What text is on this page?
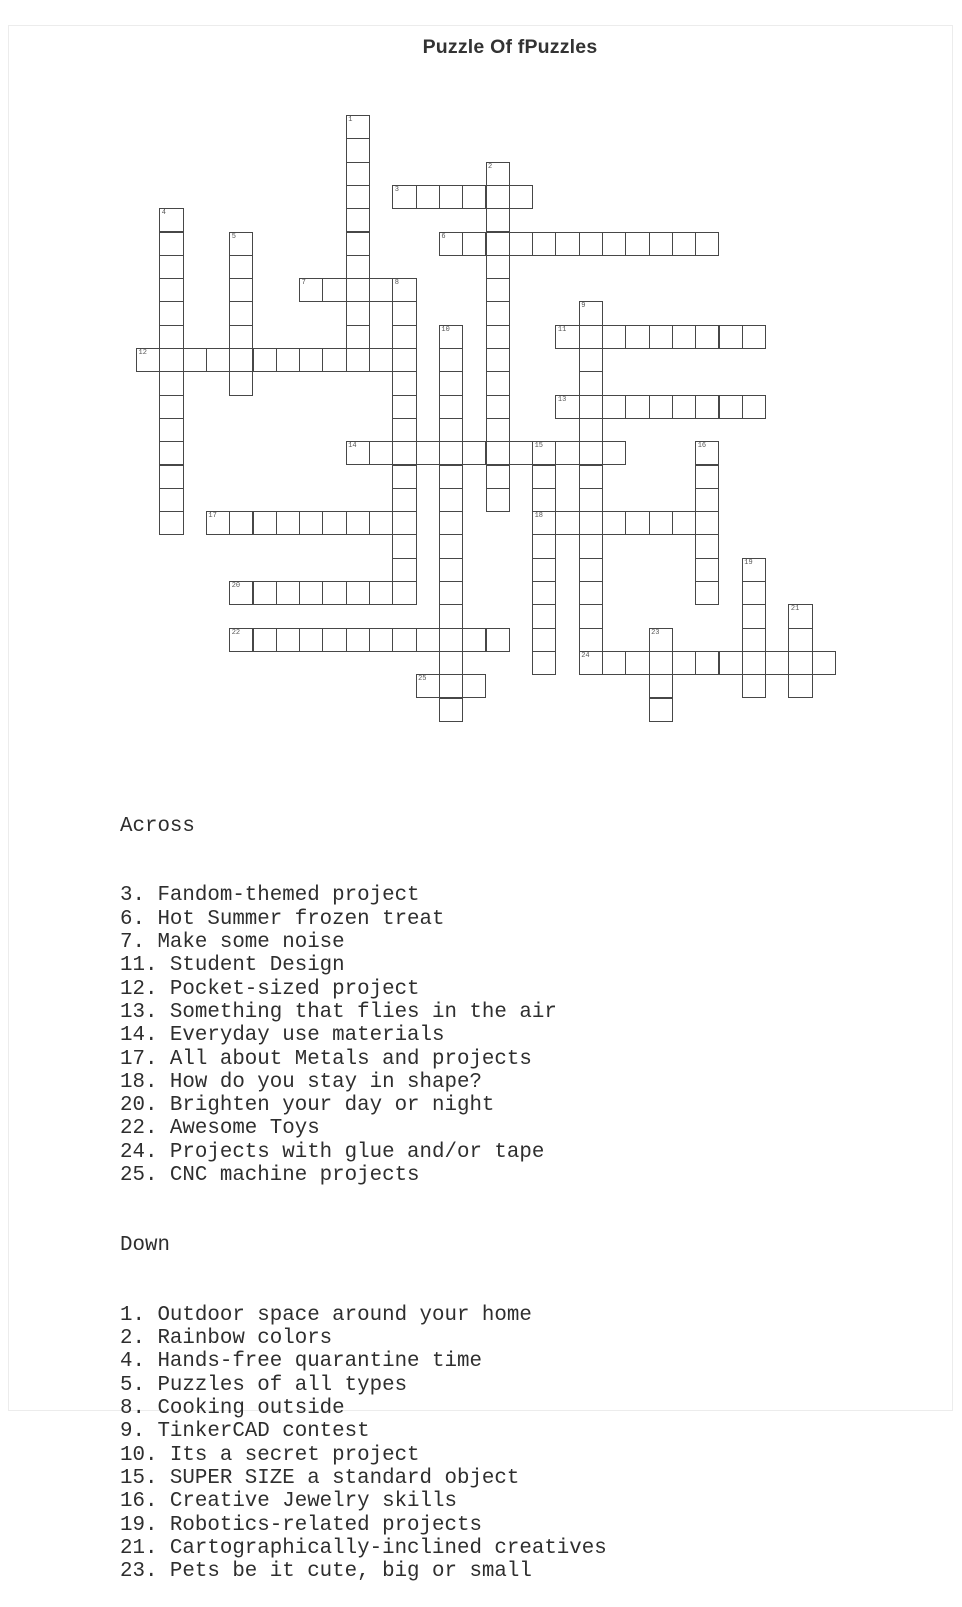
Puzzle Of fPuzzles
3
6
7	8
11
12
13
14	15
17	18
20
22
24
25
1
2
4
5
9
10
16
19
21
23

Across

3. Fandom-themed project
6. Hot Summer frozen treat
7. Make some noise
11. Student Design
12. Pocket-sized project
13. Something that flies in the air
14. Everyday use materials
17. All about Metals and projects
18. How do you stay in shape?
20. Brighten your day or night
22. Awesome Toys
24. Projects with glue and/or tape
25. CNC machine projects

Down

1. Outdoor space around your home
2. Rainbow colors
4. Hands-free quarantine time
5. Puzzles of all types
8. Cooking outside
9. TinkerCAD contest
10. Its a secret project
15. SUPER SIZE a standard object
16. Creative Jewelry skills
19. Robotics-related projects
21. Cartographically-inclined creatives
23. Pets be it cute, big or small
